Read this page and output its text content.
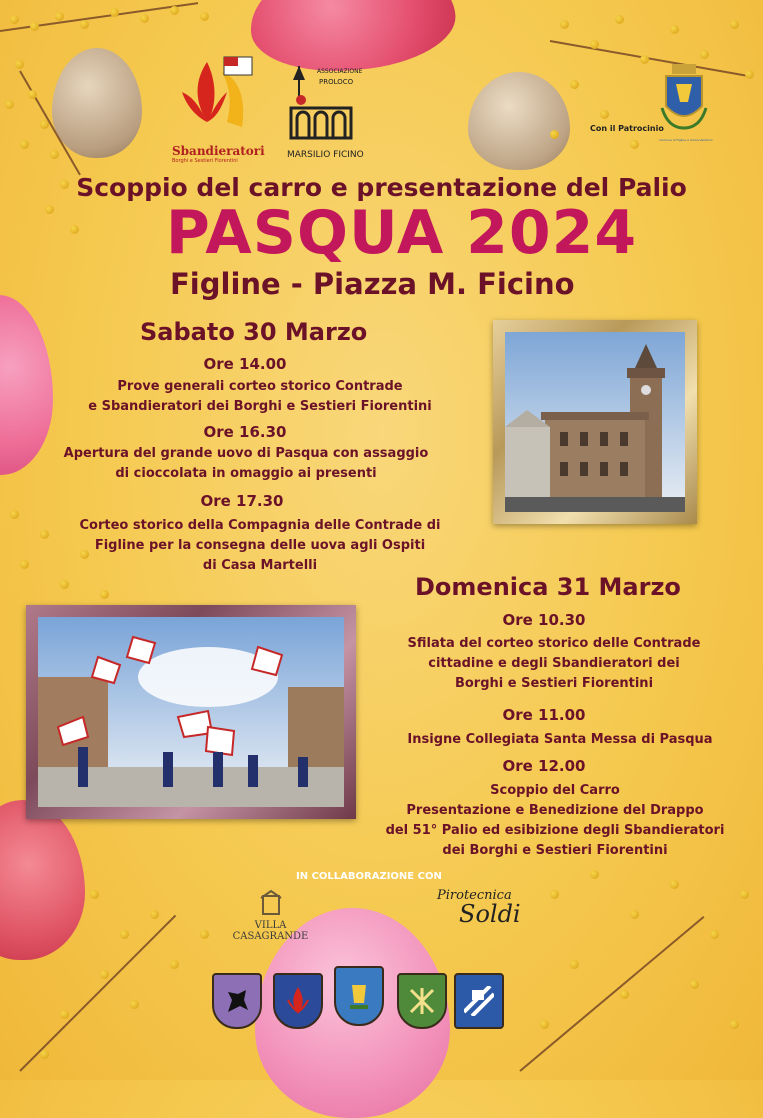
Sbandieratori
Borghi e Sestieri Fiorentini
ASSOCIAZIONE
PROLOCO
MARSILIO FICINO
Con il Patrocinio
Comune di Figline e Incisa Valdarno
Scoppio del carro e presentazione del Palio
PASQUA 2024
Figline - Piazza M. Ficino
Sabato 30 Marzo
Ore 14.00
Prove generali corteo storico Contrade
e Sbandieratori dei Borghi e Sestieri Fiorentini
Ore 16.30
Apertura del grande uovo di Pasqua con assaggio
di cioccolata in omaggio ai presenti
Ore 17.30
Corteo storico della Compagnia delle Contrade di
Figline per la consegna delle uova agli Ospiti
di Casa Martelli
Domenica 31 Marzo
Ore 10.30
Sfilata del corteo storico delle Contrade
cittadine e degli Sbandieratori dei
Borghi e Sestieri Fiorentini
Ore 11.00
Insigne Collegiata Santa Messa di Pasqua
Ore 12.00
Scoppio del Carro
Presentazione e Benedizione del Drappo
del 51° Palio ed esibizione degli Sbandieratori
dei Borghi e Sestieri Fiorentini
IN COLLABORAZIONE CON
VILLA CASAGRANDE
Pirotecnica
Soldi
